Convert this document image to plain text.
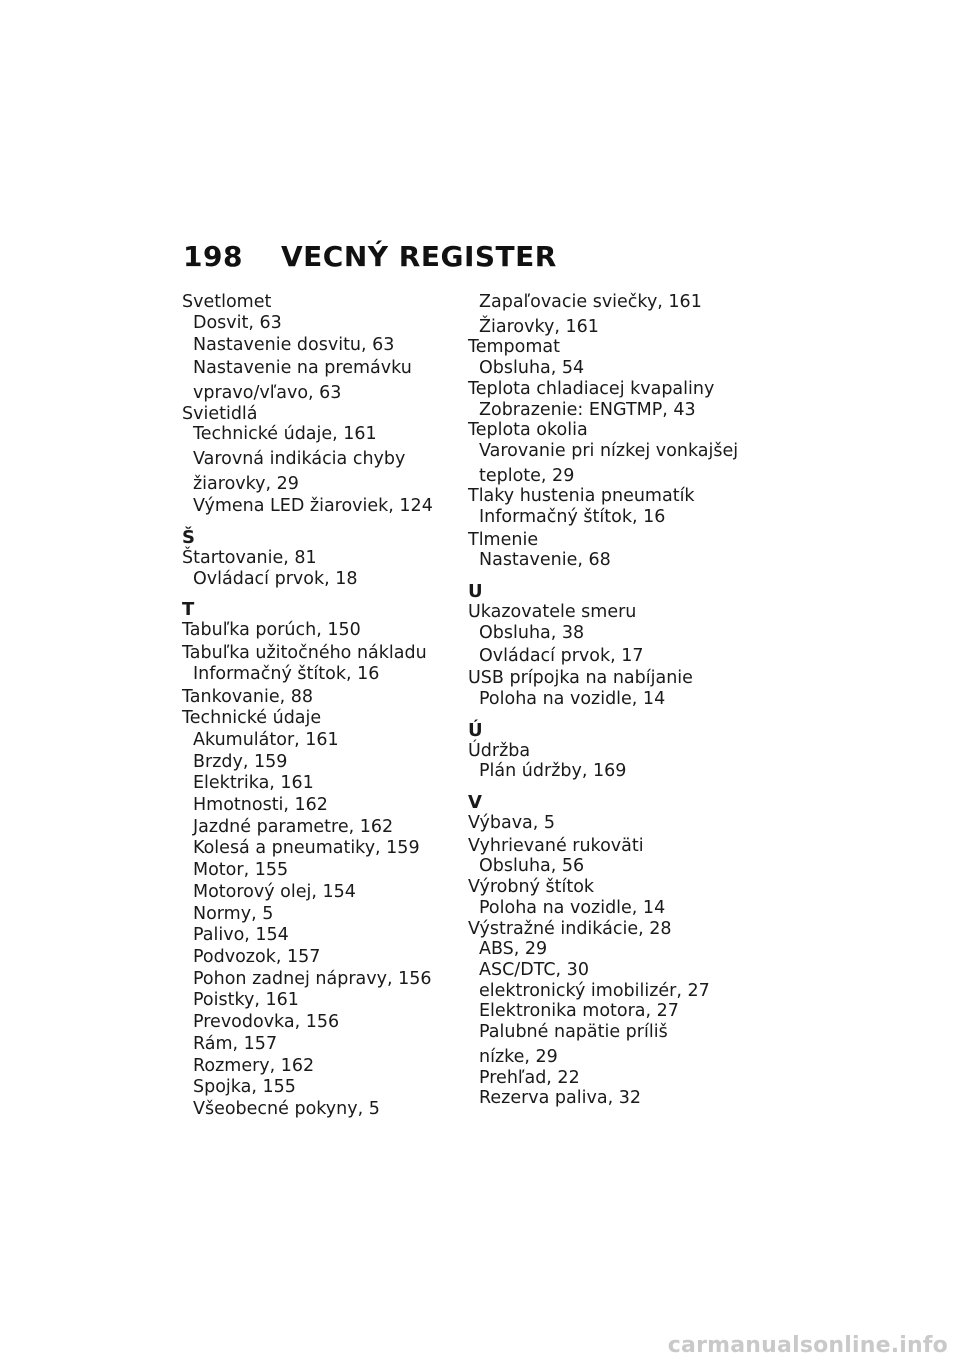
198	VECNÝ REGISTER
Svetlomet
Dosvit, 63
Nastavenie dosvitu, 63
Nastavenie na premávku
vpravo/vľavo, 63
Svietidlá
Technické údaje, 161
Varovná indikácia chyby
žiarovky, 29
Výmena LED žiaroviek, 124
Š
Štartovanie, 81
Ovládací prvok, 18
T
Tabuľka porúch, 150
Tabuľka užitočného nákladu
Informačný štítok, 16
Tankovanie, 88
Technické údaje
Akumulátor, 161
Brzdy, 159
Elektrika, 161
Hmotnosti, 162
Jazdné parametre, 162
Kolesá a pneumatiky, 159
Motor, 155
Motorový olej, 154
Normy, 5
Palivo, 154
Podvozok, 157
Pohon zadnej nápravy, 156
Poistky, 161
Prevodovka, 156
Rám, 157
Rozmery, 162
Spojka, 155
Všeobecné pokyny, 5
Zapaľovacie sviečky, 161
Žiarovky, 161
Tempomat
Obsluha, 54
Teplota chladiacej kvapaliny
Zobrazenie: ENGTMP, 43
Teplota okolia
Varovanie pri nízkej vonkajšej
teplote, 29
Tlaky hustenia pneumatík
Informačný štítok, 16
Tlmenie
Nastavenie, 68
U
Ukazovatele smeru
Obsluha, 38
Ovládací prvok, 17
USB prípojka na nabíjanie
Poloha na vozidle, 14
Ú
Údržba
Plán údržby, 169
V
Výbava, 5
Vyhrievané rukoväti
Obsluha, 56
Výrobný štítok
Poloha na vozidle, 14
Výstražné indikácie, 28
ABS, 29
ASC/DTC, 30
elektronický imobilizér, 27
Elektronika motora, 27
Palubné napätie príliš
nízke, 29
Prehľad, 22
Rezerva paliva, 32
carmanualsonline.info
